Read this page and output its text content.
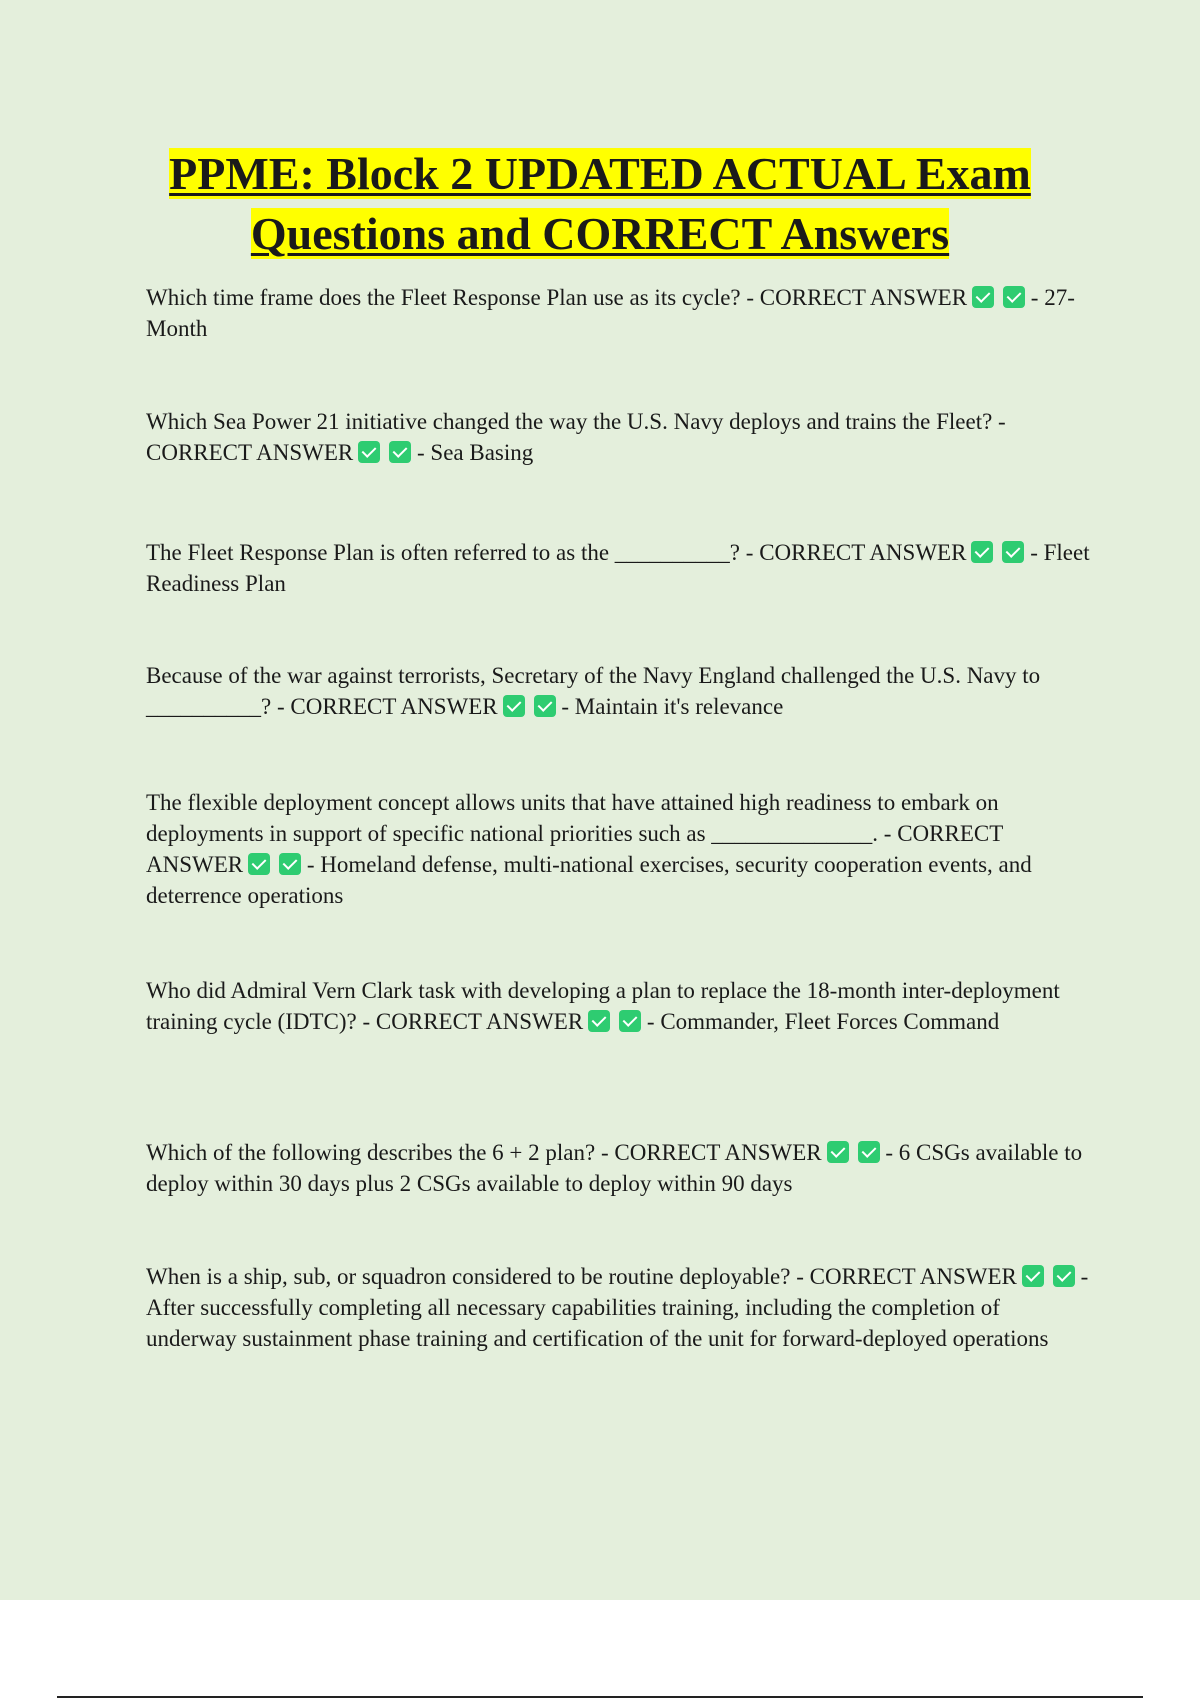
PPME: Block 2 UPDATED ACTUAL Exam
Questions and CORRECT Answers

Which time frame does the Fleet Response Plan use as its cycle? - CORRECT ANSWER	- 27-Month

Which Sea Power 21 initiative changed the way the U.S. Navy deploys and trains the Fleet? - CORRECT ANSWER	- Sea Basing

The Fleet Response Plan is often referred to as the __________? - CORRECT ANSWER	- Fleet Readiness Plan

Because of the war against terrorists, Secretary of the Navy England challenged the U.S. Navy to __________? - CORRECT ANSWER	- Maintain it's relevance

The flexible deployment concept allows units that have attained high readiness to embark on deployments in support of specific national priorities such as ______________. - CORRECT ANSWER	- Homeland defense, multi-national exercises, security cooperation events, and deterrence operations

Who did Admiral Vern Clark task with developing a plan to replace the 18-month inter-deployment training cycle (IDTC)? - CORRECT ANSWER	- Commander, Fleet Forces Command

Which of the following describes the 6 + 2 plan? - CORRECT ANSWER	- 6 CSGs available to deploy within 30 days plus 2 CSGs available to deploy within 90 days

When is a ship, sub, or squadron considered to be routine deployable? - CORRECT ANSWER	- After successfully completing all necessary capabilities training, including the completion of underway sustainment phase training and certification of the unit for forward-deployed operations
